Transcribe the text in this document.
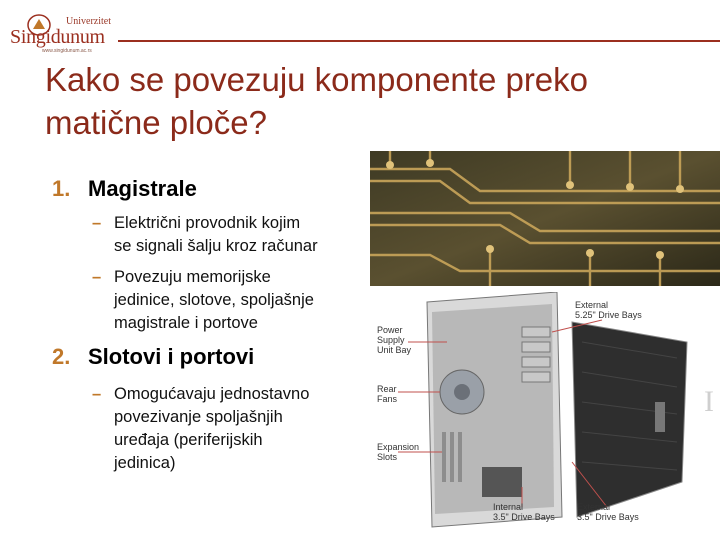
Univerzitet
Singidunum
www.singidunum.ac.rs
Kako se povezuju komponente preko
matične ploče?
1. Magistrale
– Električni provodnik kojim
se signali šalju kroz računar
– Povezuju memorijske
jedinice, slotove, spoljašnje
magistrale i portove
2. Slotovi i portovi
– Omogućavaju jednostavno
povezivanje spoljašnjih
uređaja (periferijskih
jedinica)
Power
Supply
Unit Bay
Rear
Fans
Expansion
Slots
External
5.25" Drive Bays
Internal
3.5" Drive Bays
External
3.5" Drive Bays
I
